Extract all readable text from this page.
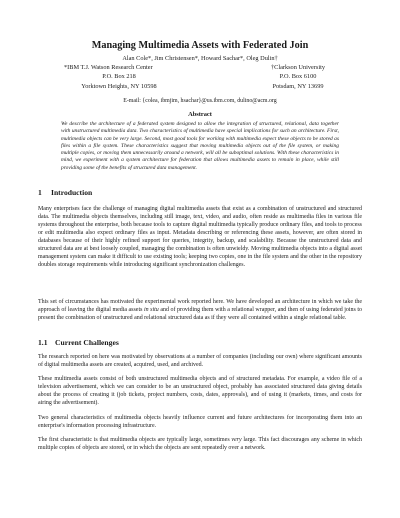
Managing Multimedia Assets with Federated Join
Alan Cole*, Jim Christensen*, Howard Sachar*, Oleg Dulin†
*IBM T.J. Watson Research Center
P.O. Box 218
Yorktown Heights, NY 10598
†Clarkson University
P.O. Box 6100
Potsdam, NY 13699
E-mail: {colea, ibmjim, hsachar}@us.ibm.com, dulino@acm.org
Abstract
We describe the architecture of a federated system designed to allow the integration of structured, relational, data together with unstructured multimedia data. Two characteristics of multimedia have special implications for such an architecture. First, multimedia objects can be very large. Second, most good tools for working with multimedia expect these objects to be stored as files within a file system. These characteristics suggest that moving multimedia objects out of the file system, or making multiple copies, or moving them unnecessarily around a network, will all be suboptimal solutions. With these characteristics in mind, we experiment with a system architecture for federation that allows multimedia assets to remain in place, while still providing some of the benefits of structured data management.
1 Introduction
Many enterprises face the challenge of managing digital multimedia assets that exist as a combination of unstructured and structured data. The multimedia objects themselves, including still image, text, video, and audio, often reside as multimedia files in various file systems throughout the enterprise, both because tools to capture digital multimedia typically produce ordinary files, and tools to process or edit multimedia also expect ordinary files as input. Metadata describing or referencing these assets, however, are often stored in databases because of their highly refined support for queries, integrity, backup, and scalability. Because the unstructured data and structured data are at best loosely coupled, managing the combination is often unwieldy. Moving multimedia objects into a digital asset management system can make it difficult to use existing tools; keeping two copies, one in the file system and the other in the repository doubles storage requirements while introducing significant synchronization challenges.
This set of circumstances has motivated the experimental work reported here. We have developed an architecture in which we take the approach of leaving the digital media assets in situ and of providing them with a relational wrapper, and then of using federated joins to present the combination of unstructured and relational structured data as if they were all contained within a single relational table.
1.1 Current Challenges
The research reported on here was motivated by observations at a number of companies (including our own) where significant amounts of digital multimedia assets are created, acquired, used, and archived.
These multimedia assets consist of both unstructured multimedia objects and of structured metadata. For example, a video file of a television advertisement, which we can consider to be an unstructured object, probably has associated structured data giving details about the process of creating it (job tickets, project numbers, costs, dates, approvals), and of using it (markets, times, and costs for airing the advertisement).
Two general characteristics of multimedia objects heavily influence current and future architectures for incorporating them into an enterprise's information processing infrastructure.
The first characteristic is that multimedia objects are typically large, sometimes very large. This fact discourages any scheme in which multiple copies of objects are stored, or in which the objects are sent repeatedly over a network.
